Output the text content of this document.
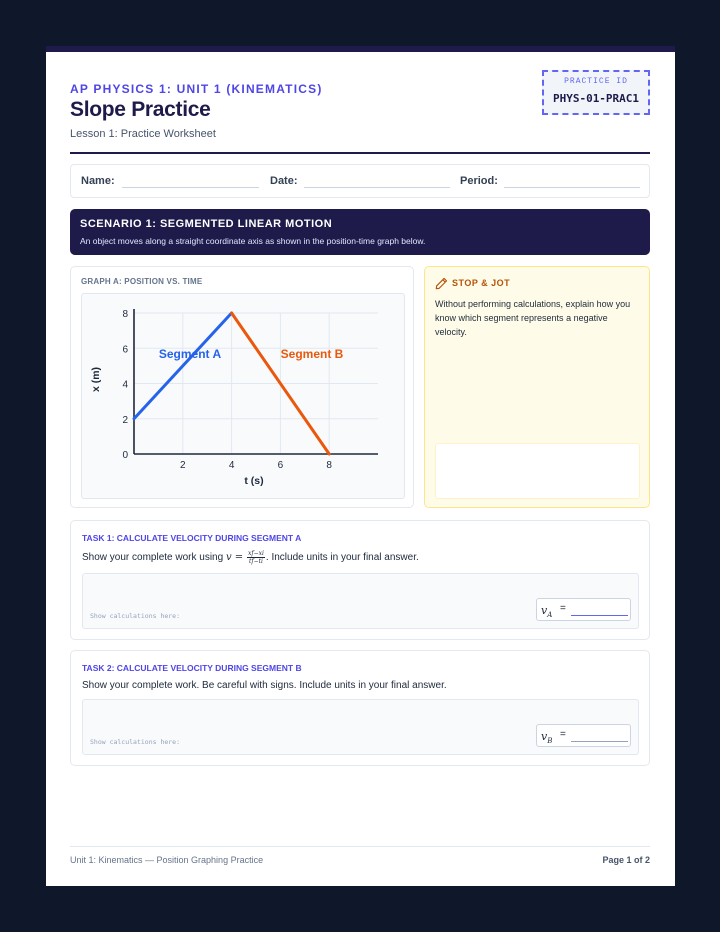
AP PHYSICS 1: UNIT 1 (KINEMATICS)
Slope Practice
Lesson 1: Practice Worksheet
PRACTICE ID
PHYS-01-PRAC1
Name:	Date:	Period:
SCENARIO 1: SEGMENTED LINEAR MOTION
An object moves along a straight coordinate axis as shown in the position-time graph below.
GRAPH A: POSITION VS. TIME
2	4	6	8
0
2
4
6
8
Segment A	Segment B
t (s)
x (m)
STOP & JOT
Without performing calculations, explain how you know which segment represents a negative velocity.
TASK 1: CALCULATE VELOCITY DURING SEGMENT A
Show your complete work using $v = \frac{xf-xi}{tf-ti}$ . Include units in your final answer.
Show calculations here:	$v_A$
=
TASK 2: CALCULATE VELOCITY DURING SEGMENT B
Show your complete work. Be careful with signs. Include units in your final answer.
Show calculations here:	$v_B$
=
Unit 1: Kinematics — Position Graphing Practice	Page 1 of 2
